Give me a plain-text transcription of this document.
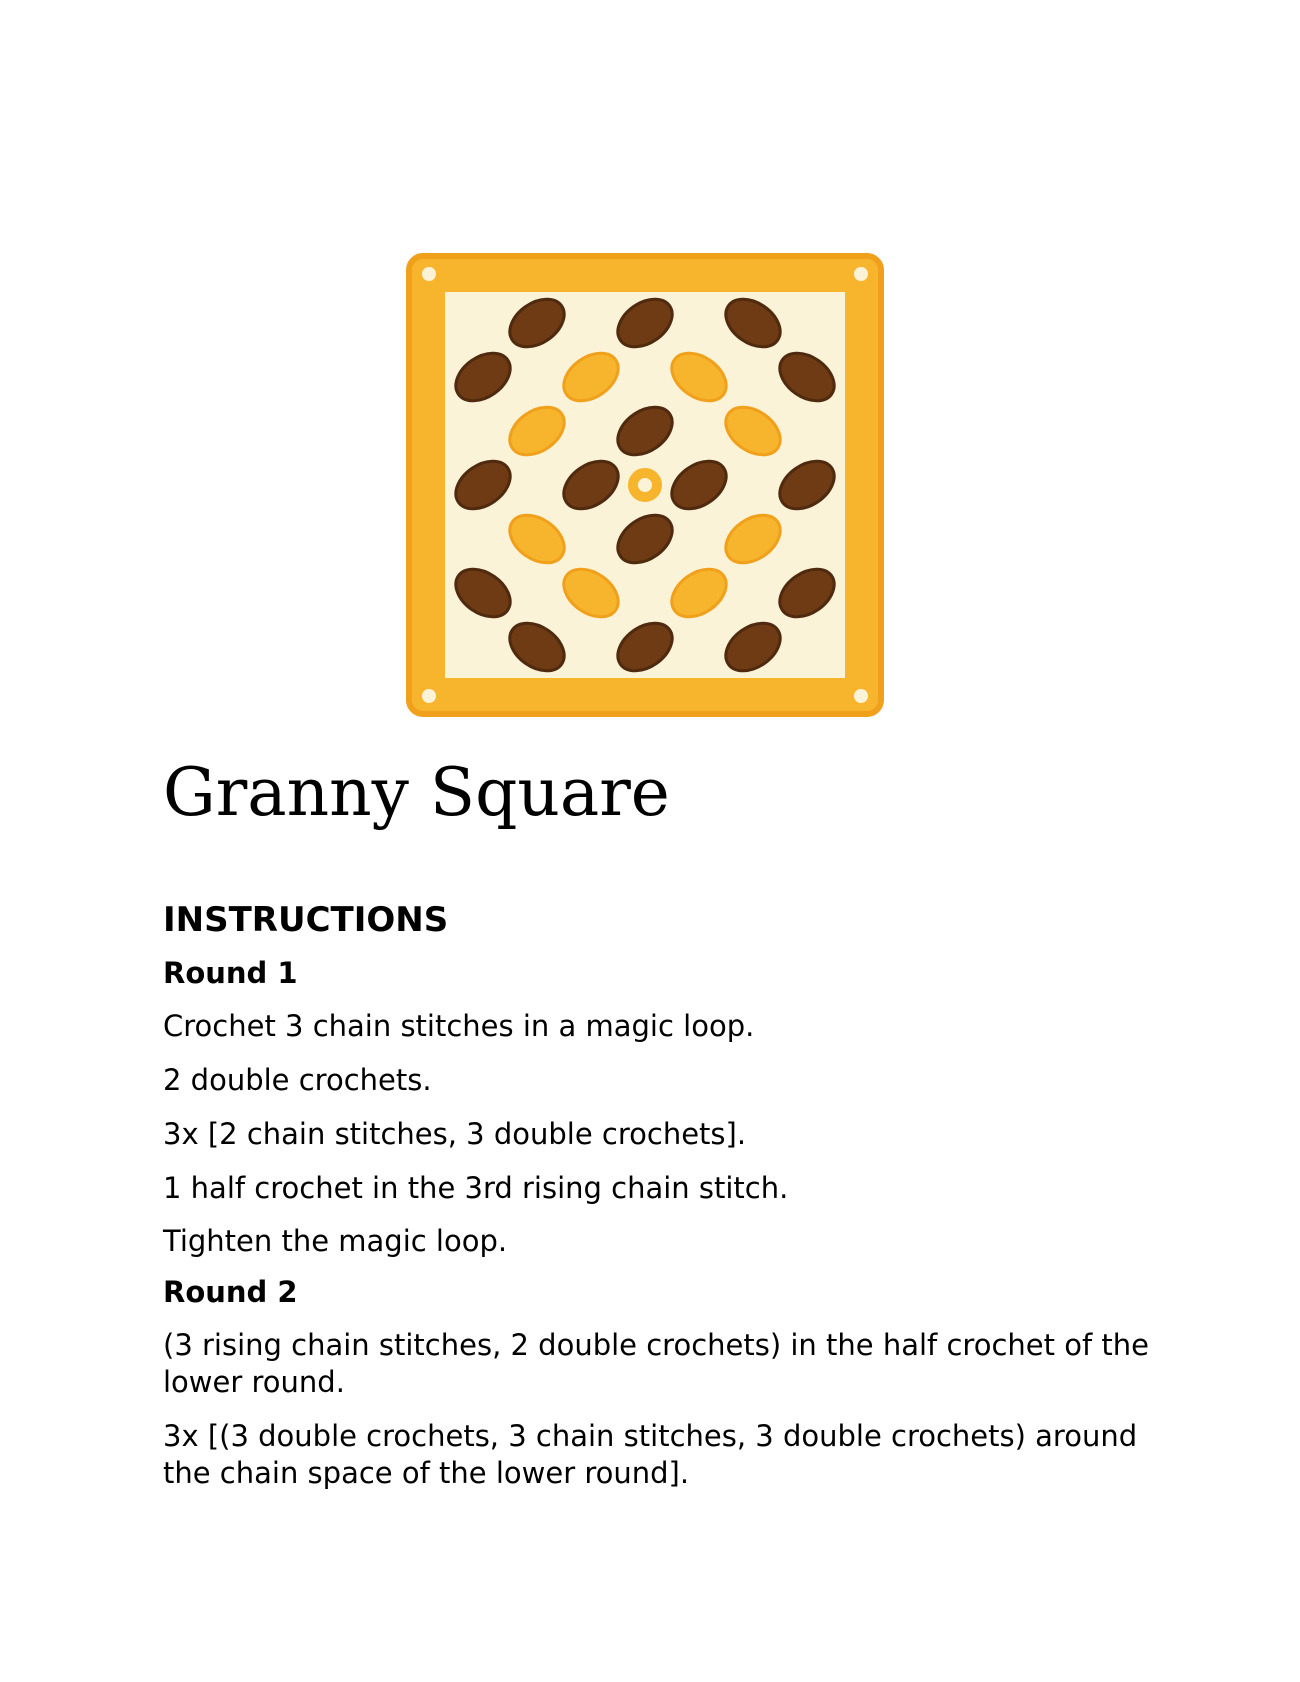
Granny Square
INSTRUCTIONS
Round 1

Crochet 3 chain stitches in a magic loop.

2 double crochets.

3x [2 chain stitches, 3 double crochets].

1 half crochet in the 3rd rising chain stitch.

Tighten the magic loop.

Round 2

(3 rising chain stitches, 2 double crochets) in the half crochet of the lower round.

3x [(3 double crochets, 3 chain stitches, 3 double crochets) around the chain space of the lower round].
